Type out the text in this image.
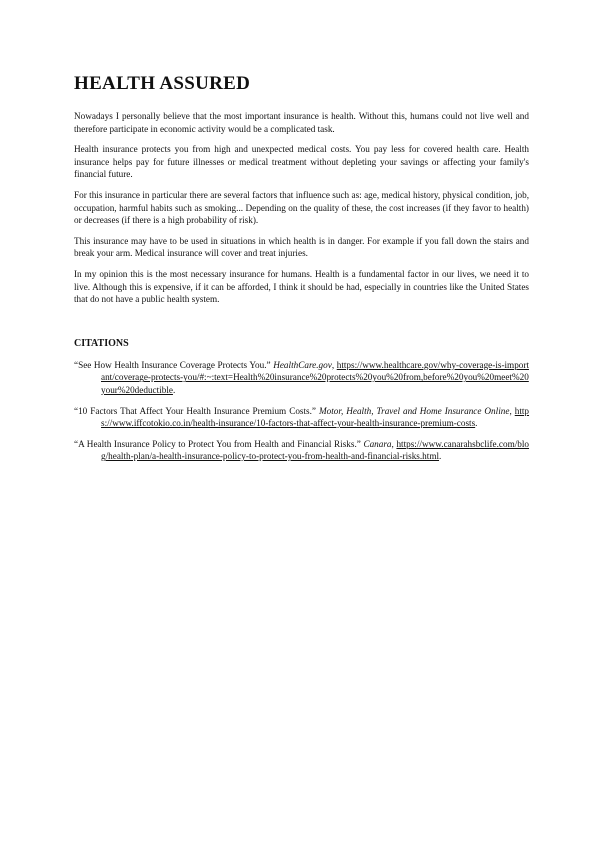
HEALTH ASSURED

Nowadays I personally believe that the most important insurance is health. Without this, humans could not live well and therefore participate in economic activity would be a complicated task.

Health insurance protects you from high and unexpected medical costs. You pay less for covered health care. Health insurance helps pay for future illnesses or medical treatment without depleting your savings or affecting your family's financial future.

For this insurance in particular there are several factors that influence such as: age, medical history, physical condition, job, occupation, harmful habits such as smoking... Depending on the quality of these, the cost increases (if they favor to health) or decreases (if there is a high probability of risk).

This insurance may have to be used in situations in which health is in danger. For example if you fall down the stairs and break your arm. Medical insurance will cover and treat injuries.

In my opinion this is the most necessary insurance for humans. Health is a fundamental factor in our lives, we need it to live. Although this is expensive, if it can be afforded, I think it should be had, especially in countries like the United States that do not have a public health system.

CITATIONS
“See How Health Insurance Coverage Protects You.” HealthCare.gov, https://www.healthcare.gov/why-coverage-is-important/coverage-protects-you/#:~:text=Health%20insurance%20protects%20you%20from,before%20you%20meet%20your%20deductible.
“10 Factors That Affect Your Health Insurance Premium Costs.” Motor, Health, Travel and Home Insurance Online, https://www.iffcotokio.co.in/health-insurance/10-factors-that-affect-your-health-insurance-premium-costs.
“A Health Insurance Policy to Protect You from Health and Financial Risks.” Canara, https://www.canarahsbclife.com/blog/health-plan/a-health-insurance-policy-to-protect-you-from-health-and-financial-risks.html.
